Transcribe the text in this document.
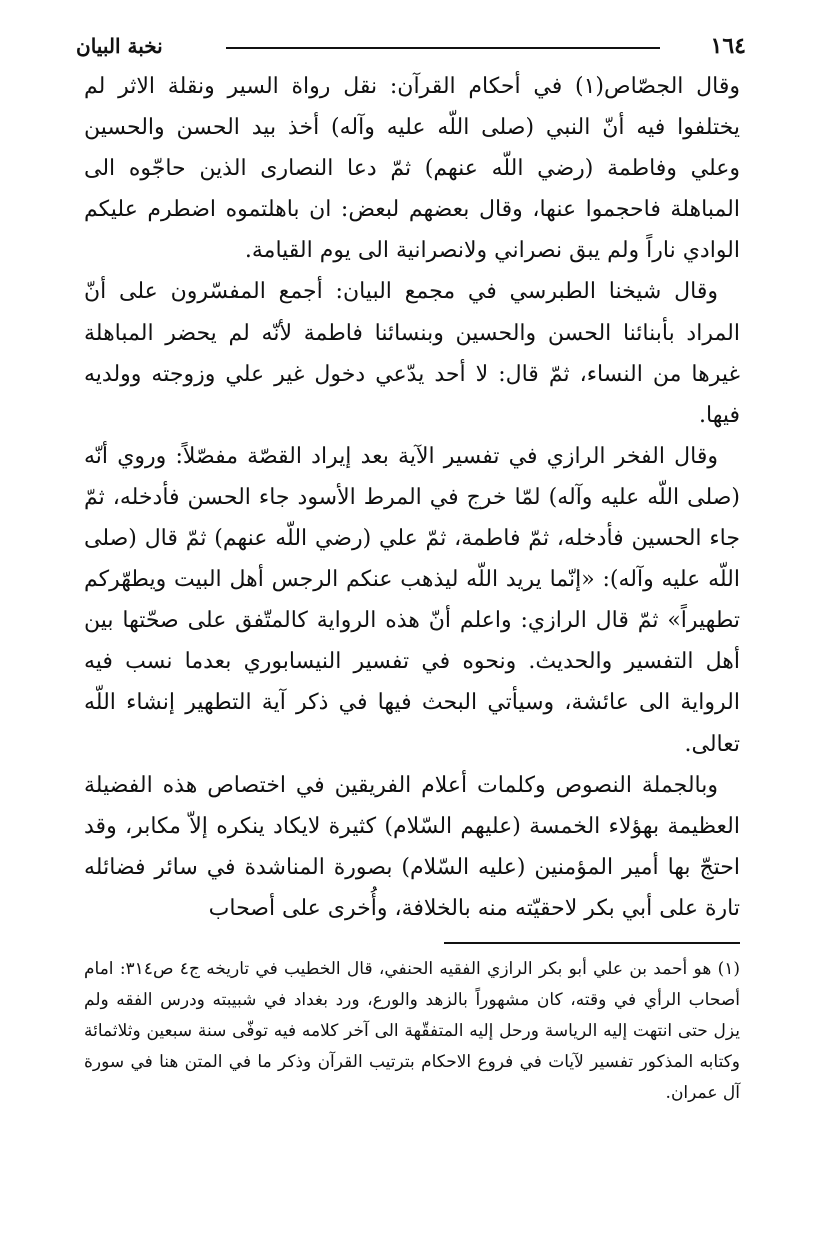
١٦٤
نخبة البيان

وقال الجصّاص(١) في أحكام القرآن: نقل رواة السير ونقلة الاثر لم يختلفوا فيه أنّ النبي (صلى اللّه عليه وآله) أخذ بيد الحسن والحسين وعلي وفاطمة (رضي اللّه عنهم) ثمّ دعا النصارى الذين حاجّوه الى المباهلة فاحجموا عنها، وقال بعضهم لبعض: ان باهلتموه اضطرم عليكم الوادي ناراً ولم يبق نصراني ولانصرانية الى يوم القيامة.

وقال شيخنا الطبرسي في مجمع البيان: أجمع المفسّرون على أنّ المراد بأبنائنا الحسن والحسين وبنسائنا فاطمة لأنّه لم يحضر المباهلة غيرها من النساء، ثمّ قال: لا أحد يدّعي دخول غير علي وزوجته وولديه فيها.

وقال الفخر الرازي في تفسير الآية بعد إيراد القصّة مفصّلاً: وروي أنّه (صلى اللّه عليه وآله) لمّا خرج في المرط الأسود جاء الحسن فأدخله، ثمّ جاء الحسين فأدخله، ثمّ فاطمة، ثمّ علي (رضي اللّه عنهم) ثمّ قال (صلى اللّه عليه وآله): «إنّما يريد اللّه ليذهب عنكم الرجس أهل البيت ويطهّركم تطهيراً» ثمّ قال الرازي: واعلم أنّ هذه الرواية كالمتّفق على صحّتها بين أهل التفسير والحديث. ونحوه في تفسير النيسابوري بعدما نسب فيه الرواية الى عائشة، وسيأتي البحث فيها في ذكر آية التطهير إنشاء اللّه تعالى.

وبالجملة النصوص وكلمات أعلام الفريقين في اختصاص هذه الفضيلة العظيمة بهؤلاء الخمسة (عليهم السّلام) كثيرة لايكاد ينكره إلاّ مكابر، وقد احتجّ بها أمير المؤمنين (عليه السّلام) بصورة المناشدة في سائر فضائله تارة على أبي بكر لاحقيّته منه بالخلافة، وأُخرى على أصحاب

(١) هو أحمد بن علي أبو بكر الرازي الفقيه الحنفي، قال الخطيب في تاريخه ج٤ ص٣١٤: امام أصحاب الرأي في وقته، كان مشهوراً بالزهد والورع، ورد بغداد في شبيبته ودرس الفقه ولم يزل حتى انتهت إليه الرياسة ورحل إليه المتفقّهة الى آخر كلامه فيه توفّى سنة سبعين وثلاثمائة وكتابه المذكور تفسير لآيات في فروع الاحكام بترتيب القرآن وذكر ما في المتن هنا في سورة آل عمران.
